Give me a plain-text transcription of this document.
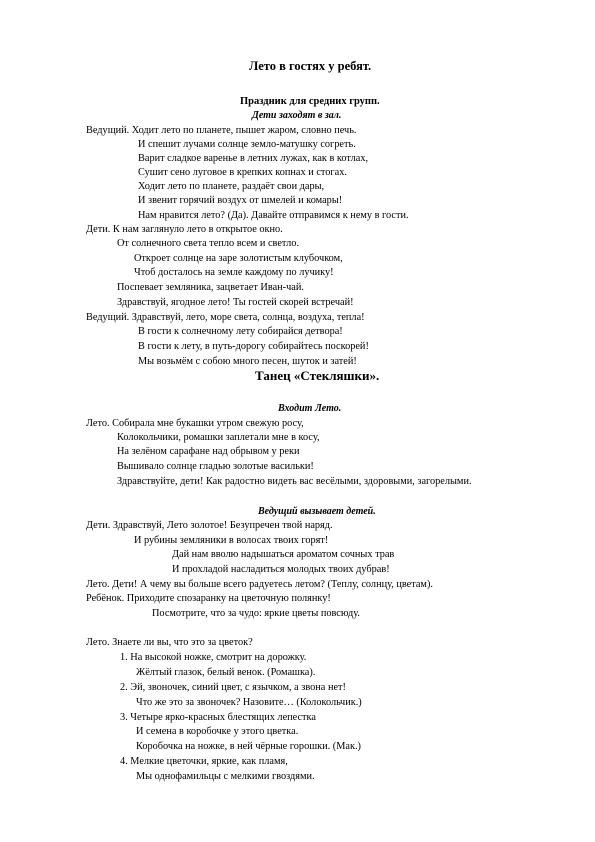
Лето в гостях у ребят.
Праздник для средних групп.
Дети заходят в зал.
Ведущий. Ходит лето по планете, пышет жаром, словно печь.
И спешит лучами солнце земло-матушку согреть.
Варит сладкое варенье в летних лужах, как в котлах,
Сушит сено луговое в крепких копнах и стогах.
Ходит лето по планете, раздаёт свои дары,
И звенит горячий воздух от шмелей и комары!
Нам нравится лето? (Да). Давайте отправимся к нему в гости.
Дети. К нам заглянуло лето в открытое окно.
От солнечного света тепло всем и светло.
Откроет солнце на заре золотистым клубочком,
Чтоб досталось на земле каждому по лучику!
Поспевает земляника, зацветает Иван-чай.
Здравствуй, ягодное лето! Ты гостей скорей встречай!
Ведущий. Здравствуй, лето, море света, солнца, воздуха, тепла!
В гости к солнечному лету собирайся детвора!
В гости к лету, в путь-дорогу собирайтесь поскорей!
Мы возьмём с собою много песен, шуток и затей!
Танец «Стекляшки».
Входит Лето.
Лето. Собирала мне букашки утром свежую росу,
Колокольчики, ромашки заплетали мне в косу,
На зелёном сарафане над обрывом у реки
Вышивало солнце гладью золотые васильки!
Здравствуйте, дети! Как радостно видеть вас весёлыми, здоровыми, загорелыми.
Ведущий вызывает детей.
Дети. Здравствуй, Лето золотое! Безупречен твой наряд.
И рубины земляники в волосах твоих горят!
Дай нам вволю надышаться ароматом сочных трав
И прохладой насладиться молодых твоих дубрав!
Лето. Дети! А чему вы больше всего радуетесь летом? (Теплу, солнцу, цветам).
Ребёнок. Приходите спозаранку на цветочную полянку!
Посмотрите, что за чудо: яркие цветы повсюду.
Лето. Знаете ли вы, что это за цветок?
1. На высокой ножке, смотрит на дорожку.
Жёлтый глазок, белый венок. (Ромашка).
2. Эй, звоночек, синий цвет, с язычком, а звона нет!
Что же это за звоночек? Назовите… (Колокольчик.)
3. Четыре ярко-красных блестящих лепестка
И семена в коробочке у этого цветка.
Коробочка на ножке, в ней чёрные горошки. (Мак.)
4. Мелкие цветочки, яркие, как пламя,
Мы однофамильцы с мелкими гвоздями.
